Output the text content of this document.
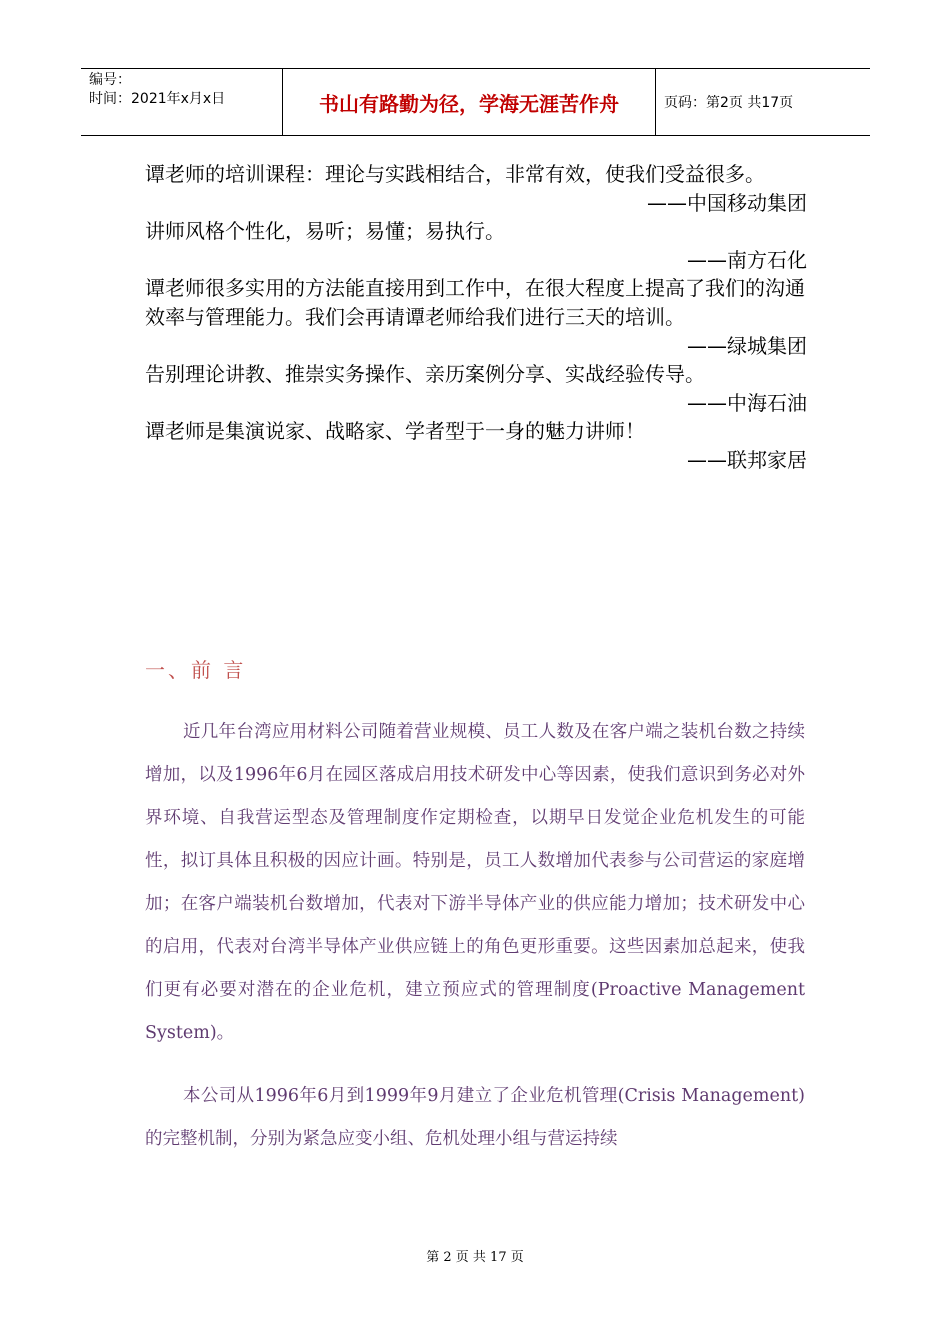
编号：
时间：2021年x月x日	书山有路勤为径，学海无涯苦作舟	页码：第2页 共17页

谭老师的培训课程：理论与实践相结合，非常有效，使我们受益很多。

——中国移动集团

讲师风格个性化，易听；易懂；易执行。

——南方石化

谭老师很多实用的方法能直接用到工作中，在很大程度上提高了我们的沟通效率与管理能力。我们会再请谭老师给我们进行三天的培训。

——绿城集团

告别理论讲教、推崇实务操作、亲历案例分享、实战经验传导。

——中海石油

谭老师是集演说家、战略家、学者型于一身的魅力讲师！

——联邦家居

一、前 言

近几年台湾应用材料公司随着营业规模、员工人数及在客户端之装机台数之持续增加，以及1996年6月在园区落成启用技术研发中心等因素，使我们意识到务必对外界环境、自我营运型态及管理制度作定期检查，以期早日发觉企业危机发生的可能性，拟订具体且积极的因应计画。特别是，员工人数增加代表参与公司营运的家庭增加；在客户端装机台数增加，代表对下游半导体产业的供应能力增加；技术研发中心的启用，代表对台湾半导体产业供应链上的角色更形重要。这些因素加总起来，使我们更有必要对潜在的企业危机，建立预应式的管理制度(Proactive Management System)。

本公司从1996年6月到1999年9月建立了企业危机管理(Crisis Management)的完整机制，分别为紧急应变小组、危机处理小组与营运持续

第 2 页 共 17 页
